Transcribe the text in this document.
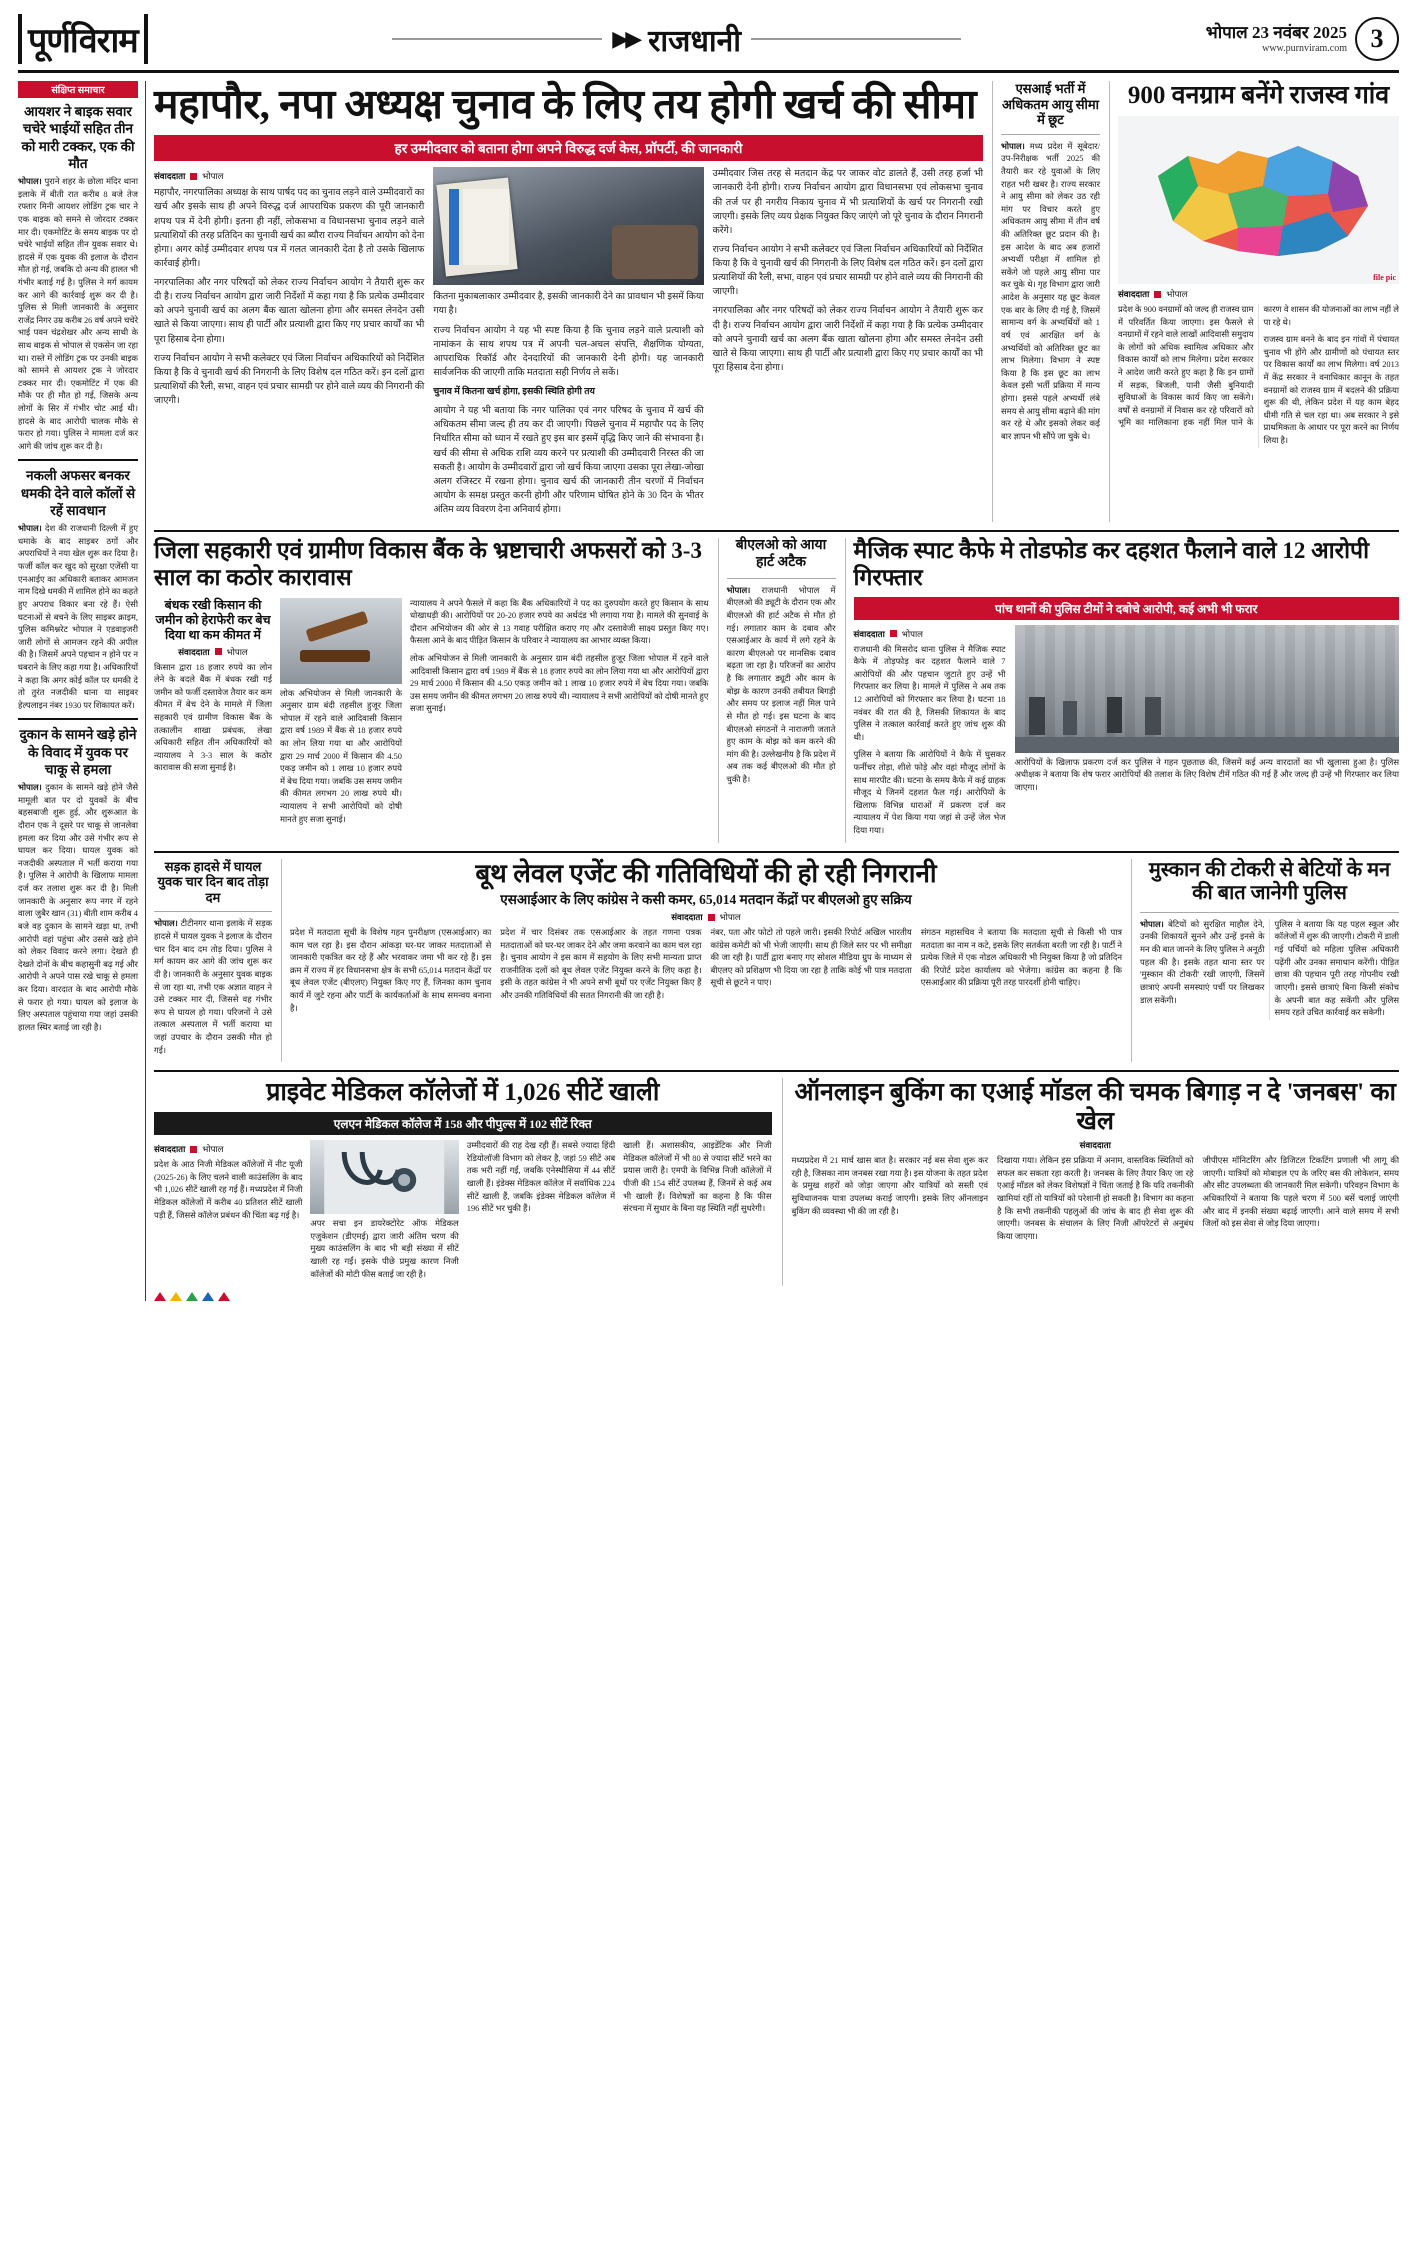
पूर्णविराम	▶▶ राजधानी	भोपाल 23 नवंबर 2025
www.purnviram.com 3
संक्षिप्त समाचार
आयशर ने बाइक सवार चचेरे भाईयों सहित तीन को मारी टक्कर, एक की मौत

भोपाल। पुराने शहर के छोला मंदिर थाना इलाके में बीती रात करीब 8 बजे तेज रफ्तार मिनी आयशर लोडिंग ट्रक चार ने एक बाइक को समने से जोरदार टक्कर मार दी। एकमोटिंट के समय बाइक पर दो चचेरे भाईयों सहित तीन युवक सवार थे। हादसे में एक युवक की इलाज के दौरान मौत हो गई, जबकि दो अन्य की हालत भी गंभीर बताई गई है। पुलिस ने मर्ग कायम कर आगे की कार्रवाई शुरू कर दी है। पुलिस से मिली जानकारी के अनुसार राजेंद्र निगर उम्र करीब 26 वर्ष अपने चचेरे भाई पवन चंद्रशेखर और अन्य साथी के साथ बाइक से भोपाल से एकसेन जा रहा था। रास्ते में लोडिंग ट्रक पर उनकी बाइक को सामने से आयशर ट्रक ने जोरदार टक्कर मार दी। एकमोटिंट में एक की मौके पर ही मौत हो गई, जिसके अन्य लोगों के सिर में गंभीर चोट आई थी। हादसे के बाद आरोपी चालक मौके से फरार हो गया। पुलिस ने मामला दर्ज कर आगे की जांच शुरू कर दी है।

नकली अफसर बनकर धमकी देने वाले कॉलों से रहें सावधान

भोपाल। देश की राजधानी दिल्ली में हुए धमाके के बाद साइबर ठगों और अपराधियों ने नया खेल शुरू कर दिया है। फर्जी कॉल कर खुद को सुरक्षा एजेंसी या एनआईए का अधिकारी बताकर आमजन नाम दिखे धमकी में शामिल होने का कहते हुए अपराध विकार बना रहे हैं। ऐसी घटनाओं से बचने के लिए साइबर क्राइम, पुलिस कमिश्नरेट भोपाल ने एडवाइजरी जारी लोगों से आमजन रहने की अपील की है। जिसमें अपने पहचान न होने पर न घबराने के लिए कहा गया है। अधिकारियों ने कहा कि अगर कोई कॉल पर धमकी दे तो तुरंत नजदीकी थाना या साइबर हेल्पलाइन नंबर 1930 पर शिकायत करें।

दुकान के सामने खड़े होने के विवाद में युवक पर चाकू से हमला

भोपाल। दुकान के सामने खड़े होने जैसे मामूली बात पर दो युवकों के बीच बहसबाजी शुरू हुई, और शुरूआत के दौरान एक ने दूसरे पर चाकू से जानलेवा हमला कर दिया और उसे गंभीर रूप से घायल कर दिया। घायल युवक को नजदीकी अस्पताल में भर्ती कराया गया है। पुलिस ने आरोपी के खिलाफ मामला दर्ज कर तलाश शुरू कर दी है। मिली जानकारी के अनुसार रूप नगर में रहने वाला जुबैर खान (31) बीती शाम करीब 4 बजे वह दुकान के सामने खड़ा था, तभी आरोपी वहां पहुंचा और उससे खड़े होने को लेकर विवाद करने लगा। देखते ही देखते दोनों के बीच कहासुनी बढ़ गई और आरोपी ने अपने पास रखे चाकू से हमला कर दिया। वारदात के बाद आरोपी मौके से फरार हो गया। घायल को इलाज के लिए अस्पताल पहुंचाया गया जहां उसकी हालत स्थिर बताई जा रही है।

महापौर, नपा अध्यक्ष चुनाव के लिए तय होगी खर्च की सीमा
हर उम्मीदवार को बताना होगा अपने विरुद्ध दर्ज केस, प्रॉपर्टी, की जानकारी
संवाददाता भोपाल

महापौर, नगरपालिका अध्यक्ष के साथ पार्षद पद का चुनाव लड़ने वाले उम्मीदवारों का खर्च और इसके साथ ही अपने विरुद्ध दर्ज आपराधिक प्रकरण की पूरी जानकारी शपथ पत्र में देनी होगी। इतना ही नहीं, लोकसभा व विधानसभा चुनाव लड़ने वाले प्रत्याशियों की तरह प्रतिदिन का चुनावी खर्च का ब्यौरा राज्य निर्वाचन आयोग को देना होगा। अगर कोई उम्मीदवार शपथ पत्र में गलत जानकारी देता है तो उसके खिलाफ कार्रवाई होगी।

नगरपालिका और नगर परिषदों को लेकर राज्य निर्वाचन आयोग ने तैयारी शुरू कर दी है। राज्य निर्वाचन आयोग द्वारा जारी निर्देशों में कहा गया है कि प्रत्येक उम्मीदवार को अपने चुनावी खर्च का अलग बैंक खाता खोलना होगा और समस्त लेनदेन उसी खाते से किया जाएगा। साथ ही पार्टी और प्रत्याशी द्वारा किए गए प्रचार कार्यों का भी पूरा हिसाब देना होगा।

राज्य निर्वाचन आयोग ने सभी कलेक्टर एवं जिला निर्वाचन अधिकारियों को निर्देशित किया है कि वे चुनावी खर्च की निगरानी के लिए विशेष दल गठित करें। इन दलों द्वारा प्रत्याशियों की रैली, सभा, वाहन एवं प्रचार सामग्री पर होने वाले व्यय की निगरानी की जाएगी।

कितना मुकाबलाकार उम्मीदवार है, इसकी जानकारी देने का प्रावधान भी इसमें किया गया है।

राज्य निर्वाचन आयोग ने यह भी स्पष्ट किया है कि चुनाव लड़ने वाले प्रत्याशी को नामांकन के साथ शपथ पत्र में अपनी चल-अचल संपत्ति, शैक्षणिक योग्यता, आपराधिक रिकॉर्ड और देनदारियों की जानकारी देनी होगी। यह जानकारी सार्वजनिक की जाएगी ताकि मतदाता सही निर्णय ले सकें।

चुनाव में कितना खर्च होगा, इसकी स्थिति होगी तय

आयोग ने यह भी बताया कि नगर पालिका एवं नगर परिषद के चुनाव में खर्च की अधिकतम सीमा जल्द ही तय कर दी जाएगी। पिछले चुनाव में महापौर पद के लिए निर्धारित सीमा को ध्यान में रखते हुए इस बार इसमें वृद्धि किए जाने की संभावना है। खर्च की सीमा से अधिक राशि व्यय करने पर प्रत्याशी की उम्मीदवारी निरस्त की जा सकती है। आयोग के उम्मीदवारों द्वारा जो खर्च किया जाएगा उसका पूरा लेखा-जोखा अलग रजिस्टर में रखना होगा। चुनाव खर्च की जानकारी तीन चरणों में निर्वाचन आयोग के समक्ष प्रस्तुत करनी होगी और परिणाम घोषित होने के 30 दिन के भीतर अंतिम व्यय विवरण देना अनिवार्य होगा।

उम्मीदवार जिस तरह से मतदान केंद्र पर जाकर वोट डालते हैं, उसी तरह हर्जा भी जानकारी देनी होगी। राज्य निर्वाचन आयोग द्वारा विधानसभा एवं लोकसभा चुनाव की तर्ज पर ही नगरीय निकाय चुनाव में भी प्रत्याशियों के खर्च पर निगरानी रखी जाएगी। इसके लिए व्यय प्रेक्षक नियुक्त किए जाएंगे जो पूरे चुनाव के दौरान निगरानी करेंगे।

राज्य निर्वाचन आयोग ने सभी कलेक्टर एवं जिला निर्वाचन अधिकारियों को निर्देशित किया है कि वे चुनावी खर्च की निगरानी के लिए विशेष दल गठित करें। इन दलों द्वारा प्रत्याशियों की रैली, सभा, वाहन एवं प्रचार सामग्री पर होने वाले व्यय की निगरानी की जाएगी।

नगरपालिका और नगर परिषदों को लेकर राज्य निर्वाचन आयोग ने तैयारी शुरू कर दी है। राज्य निर्वाचन आयोग द्वारा जारी निर्देशों में कहा गया है कि प्रत्येक उम्मीदवार को अपने चुनावी खर्च का अलग बैंक खाता खोलना होगा और समस्त लेनदेन उसी खाते से किया जाएगा। साथ ही पार्टी और प्रत्याशी द्वारा किए गए प्रचार कार्यों का भी पूरा हिसाब देना होगा।

एसआई भर्ती में अधिकतम आयु सीमा में छूट

भोपाल। मध्य प्रदेश में सूबेदार/उप-निरीक्षक भर्ती 2025 की तैयारी कर रहे युवाओं के लिए राहत भरी खबर है। राज्य सरकार ने आयु सीमा को लेकर उठ रही मांग पर विचार करते हुए अधिकतम आयु सीमा में तीन वर्ष की अतिरिक्त छूट प्रदान की है। इस आदेश के बाद अब हजारों अभ्यर्थी परीक्षा में शामिल हो सकेंगे जो पहले आयु सीमा पार कर चुके थे। गृह विभाग द्वारा जारी आदेश के अनुसार यह छूट केवल एक बार के लिए दी गई है, जिसमें सामान्य वर्ग के अभ्यर्थियों को 1 वर्ष एवं आरक्षित वर्ग के अभ्यर्थियों को अतिरिक्त छूट का लाभ मिलेगा। विभाग ने स्पष्ट किया है कि इस छूट का लाभ केवल इसी भर्ती प्रक्रिया में मान्य होगा। इससे पहले अभ्यर्थी लंबे समय से आयु सीमा बढ़ाने की मांग कर रहे थे और इसको लेकर कई बार ज्ञापन भी सौंपे जा चुके थे।

900 वनग्राम बनेंगे राजस्व गांव
file pic
संवाददाता भोपाल

प्रदेश के 900 वनग्रामों को जल्द ही राजस्व ग्राम में परिवर्तित किया जाएगा। इस फैसले से वनग्रामों में रहने वाले लाखों आदिवासी समुदाय के लोगों को अधिक स्वामित्व अधिकार और विकास कार्यों को लाभ मिलेगा। प्रदेश सरकार ने आदेश जारी करते हुए कहा है कि इन ग्रामों में सड़क, बिजली, पानी जैसी बुनियादी सुविधाओं के विकास कार्य किए जा सकेंगे। वर्षों से वनग्रामों में निवास कर रहे परिवारों को भूमि का मालिकाना हक नहीं मिल पाने के कारण वे शासन की योजनाओं का लाभ नहीं ले पा रहे थे।

राजस्व ग्राम बनने के बाद इन गांवों में पंचायत चुनाव भी होंगे और ग्रामीणों को पंचायत स्तर पर विकास कार्यों का लाभ मिलेगा। वर्ष 2013 में केंद्र सरकार ने वनाधिकार कानून के तहत वनग्रामों को राजस्व ग्राम में बदलने की प्रक्रिया शुरू की थी, लेकिन प्रदेश में यह काम बेहद धीमी गति से चल रहा था। अब सरकार ने इसे प्राथमिकता के आधार पर पूरा करने का निर्णय लिया है।

जिला सहकारी एवं ग्रामीण विकास बैंक के भ्रष्टाचारी अफसरों को 3-3 साल का कठोर कारावास
बंधक रखी किसान की जमीन को हेराफेरी कर बेच दिया था कम कीमत में
संवाददाता भोपाल

किसान द्वारा 18 हजार रुपये का लोन लेने के बदले बैंक में बंधक रखी गई जमीन को फर्जी दस्तावेज तैयार कर कम कीमत में बेच देने के मामले में जिला सहकारी एवं ग्रामीण विकास बैंक के तत्कालीन शाखा प्रबंधक, लेखा अधिकारी सहित तीन अधिकारियों को न्यायालय ने 3-3 साल के कठोर कारावास की सजा सुनाई है।

लोक अभियोजन से मिली जानकारी के अनुसार ग्राम बंदी तहसील हुजूर जिला भोपाल में रहने वाले आदिवासी किसान द्वारा वर्ष 1989 में बैंक से 18 हजार रुपये का लोन लिया गया था और आरोपियों द्वारा 29 मार्च 2000 में किसान की 4.50 एकड़ जमीन को 1 लाख 10 हजार रुपये में बेच दिया गया। जबकि उस समय जमीन की कीमत लगभग 20 लाख रुपये थी। न्यायालय ने सभी आरोपियों को दोषी मानते हुए सजा सुनाई।

न्यायालय ने अपने फैसले में कहा कि बैंक अधिकारियों ने पद का दुरुपयोग करते हुए किसान के साथ धोखाधड़ी की। आरोपियों पर 20-20 हजार रुपये का अर्थदंड भी लगाया गया है। मामले की सुनवाई के दौरान अभियोजन की ओर से 13 गवाह परीक्षित कराए गए और दस्तावेजी साक्ष्य प्रस्तुत किए गए। फैसला आने के बाद पीड़ित किसान के परिवार ने न्यायालय का आभार व्यक्त किया।

लोक अभियोजन से मिली जानकारी के अनुसार ग्राम बंदी तहसील हुजूर जिला भोपाल में रहने वाले आदिवासी किसान द्वारा वर्ष 1989 में बैंक से 18 हजार रुपये का लोन लिया गया था और आरोपियों द्वारा 29 मार्च 2000 में किसान की 4.50 एकड़ जमीन को 1 लाख 10 हजार रुपये में बेच दिया गया। जबकि उस समय जमीन की कीमत लगभग 20 लाख रुपये थी। न्यायालय ने सभी आरोपियों को दोषी मानते हुए सजा सुनाई।

बीएलओ को आया हार्ट अटैक

भोपाल। राजधानी भोपाल में बीएलओ की ड्यूटी के दौरान एक और बीएलओ की हार्ट अटैक से मौत हो गई। लगातार काम के दबाव और एसआईआर के कार्य में लगे रहने के कारण बीएलओ पर मानसिक दबाव बढ़ता जा रहा है। परिजनों का आरोप है कि लगातार ड्यूटी और काम के बोझ के कारण उनकी तबीयत बिगड़ी और समय पर इलाज नहीं मिल पाने से मौत हो गई। इस घटना के बाद बीएलओ संगठनों ने नाराजगी जताते हुए काम के बोझ को कम करने की मांग की है। उल्लेखनीय है कि प्रदेश में अब तक कई बीएलओ की मौत हो चुकी है।

मैजिक स्पाट कैफे मे तोडफोड कर दहशत फैलाने वाले 12 आरोपी गिरफ्तार
पांच थानों की पुलिस टीमों ने दबोचे आरोपी, कई अभी भी फरार
संवाददाता भोपाल

राजधानी की मिसरोद थाना पुलिस ने मैजिक स्पाट कैफे में तोड़फोड़ कर दहशत फैलाने वाले 7 आरोपियों की और पहचान जुटाते हुए उन्हें भी गिरफ्तार कर लिया है। मामले में पुलिस ने अब तक 12 आरोपियों को गिरफ्तार कर लिया है। घटना 18 नवंबर की रात की है, जिसकी शिकायत के बाद पुलिस ने तत्काल कार्रवाई करते हुए जांच शुरू की थी।

पुलिस ने बताया कि आरोपियों ने कैफे में घुसकर फर्नीचर तोड़ा, शीशे फोड़े और वहां मौजूद लोगों के साथ मारपीट की। घटना के समय कैफे में कई ग्राहक मौजूद थे जिनमें दहशत फैल गई। आरोपियों के खिलाफ विभिन्न धाराओं में प्रकरण दर्ज कर न्यायालय में पेश किया गया जहां से उन्हें जेल भेज दिया गया।

आरोपियों के खिलाफ प्रकरण दर्ज कर पुलिस ने गहन पूछताछ की, जिसमें कई अन्य वारदातों का भी खुलासा हुआ है। पुलिस अधीक्षक ने बताया कि शेष फरार आरोपियों की तलाश के लिए विशेष टीमें गठित की गई हैं और जल्द ही उन्हें भी गिरफ्तार कर लिया जाएगा।

सड़क हादसे में घायल युवक चार दिन बाद तोड़ा दम

भोपाल। टीटीनगर थाना इलाके में सड़क हादसे में घायल युवक ने इलाज के दौरान चार दिन बाद दम तोड़ दिया। पुलिस ने मर्ग कायम कर आगे की जांच शुरू कर दी है। जानकारी के अनुसार युवक बाइक से जा रहा था, तभी एक अज्ञात वाहन ने उसे टक्कर मार दी, जिससे वह गंभीर रूप से घायल हो गया। परिजनों ने उसे तत्काल अस्पताल में भर्ती कराया था जहां उपचार के दौरान उसकी मौत हो गई।

बूथ लेवल एजेंट की गतिविधियों की हो रही निगरानी
एसआईआर के लिए कांग्रेस ने कसी कमर, 65,014 मतदान केंद्रों पर बीएलओ हुए सक्रिय
संवाददाता भोपाल

प्रदेश में मतदाता सूची के विशेष गहन पुनरीक्षण (एसआईआर) का काम चल रहा है। इस दौरान आंकड़ा घर-घर जाकर मतदाताओं से जानकारी एकत्रित कर रहे हैं और भरवाकर जमा भी कर रहे हैं। इस क्रम में राज्य में हर विधानसभा क्षेत्र के सभी 65,014 मतदान केंद्रों पर बूथ लेवल एजेंट (बीएलए) नियुक्त किए गए हैं, जिनका काम चुनाव कार्य में जुटे रहना और पार्टी के कार्यकर्ताओं के साथ समन्वय बनाना है।

प्रदेश में चार दिसंबर तक एसआईआर के तहत गणना पत्रक मतदाताओं को घर-घर जाकर देने और जमा करवाने का काम चल रहा है। चुनाव आयोग ने इस काम में सहयोग के लिए सभी मान्यता प्राप्त राजनीतिक दलों को बूथ लेवल एजेंट नियुक्त करने के लिए कहा है। इसी के तहत कांग्रेस ने भी अपने सभी बूथों पर एजेंट नियुक्त किए हैं और उनकी गतिविधियों की सतत निगरानी की जा रही है।

नंबर, पता और फोटो तो पहले जारी। इसकी रिपोर्ट अखिल भारतीय कांग्रेस कमेटी को भी भेजी जाएगी। साथ ही जिले स्तर पर भी समीक्षा की जा रही है। पार्टी द्वारा बनाए गए सोशल मीडिया ग्रुप के माध्यम से बीएलए को प्रशिक्षण भी दिया जा रहा है ताकि कोई भी पात्र मतदाता सूची से छूटने न पाए।

संगठन महासचिव ने बताया कि मतदाता सूची से किसी भी पात्र मतदाता का नाम न कटे, इसके लिए सतर्कता बरती जा रही है। पार्टी ने प्रत्येक जिले में एक नोडल अधिकारी भी नियुक्त किया है जो प्रतिदिन की रिपोर्ट प्रदेश कार्यालय को भेजेगा। कांग्रेस का कहना है कि एसआईआर की प्रक्रिया पूरी तरह पारदर्शी होनी चाहिए।

मुस्कान की टोकरी से बेटियों के मन की बात जानेगी पुलिस

भोपाल। बेटियों को सुरक्षित माहौल देने, उनकी शिकायतें सुनने और उन्हें इनसे के मन की बात जानने के लिए पुलिस ने अनूठी पहल की है। इसके तहत थाना स्तर पर 'मुस्कान की टोकरी' रखी जाएगी, जिसमें छात्राएं अपनी समस्याएं पर्ची पर लिखकर डाल सकेंगी।

पुलिस ने बताया कि यह पहल स्कूल और कॉलेजों में शुरू की जाएगी। टोकरी में डाली गई पर्चियों को महिला पुलिस अधिकारी पढ़ेंगी और उनका समाधान करेंगी। पीड़ित छात्रा की पहचान पूरी तरह गोपनीय रखी जाएगी। इससे छात्राएं बिना किसी संकोच के अपनी बात कह सकेंगी और पुलिस समय रहते उचित कार्रवाई कर सकेगी।

प्राइवेट मेडिकल कॉलेजों में 1,026 सीटें खाली
एलएन मेडिकल कॉलेज में 158 और पीपुल्स में 102 सीटें रिक्त
संवाददाता भोपाल

प्रदेश के आठ निजी मेडिकल कॉलेजों में नीट यूजी (2025-26) के लिए चलने वाली काउंसलिंग के बाद भी 1,026 सीटें खाली रह गई हैं। मध्यप्रदेश में निजी मेडिकल कॉलेजों में करीब 40 प्रतिशत सीटें खाली पड़ी हैं, जिससे कॉलेज प्रबंधन की चिंता बढ़ गई है।

अपर सचा इन डायरेक्टोरेट ऑफ मेडिकल एजुकेशन (डीएमई) द्वारा जारी अंतिम चरण की मुख्य काउंसलिंग के बाद भी बड़ी संख्या में सीटें खाली रह गईं। इसके पीछे प्रमुख कारण निजी कॉलेजों की मोटी फीस बताई जा रही है।

उम्मीदवारों की राह देख रही हैं। सबसे ज्यादा हिंदी रेडियोलॉजी विभाग को लेकर है, जहां 59 सीटें अब तक भरी नहीं गईं, जबकि एनेस्थीसिया में 44 सीटें खाली हैं। इंडेक्स मेडिकल कॉलेज में सर्वाधिक 224 सीटें खाली हैं, जबकि इंडेक्स मेडिकल कॉलेज में 196 सीटें भर चुकी हैं।

खाली हैं। अशासकीय, आइडेंटिक और निजी मेडिकल कॉलेजों में भी 80 से ज्यादा सीटें भरने का प्रयास जारी है। एमपी के विभिन्न निजी कॉलेजों में पीजी की 154 सीटें उपलब्ध हैं, जिनमें से कई अब भी खाली हैं। विशेषज्ञों का कहना है कि फीस संरचना में सुधार के बिना यह स्थिति नहीं सुधरेगी।

ऑनलाइन बुकिंग का एआई मॉडल की चमक बिगाड़ न दे 'जनबस' का खेल
संवाददाता

मध्यप्रदेश में 21 मार्च खास बात है। सरकार नई बस सेवा शुरू कर रही है, जिसका नाम जनबस रखा गया है। इस योजना के तहत प्रदेश के प्रमुख शहरों को जोड़ा जाएगा और यात्रियों को सस्ती एवं सुविधाजनक यात्रा उपलब्ध कराई जाएगी। इसके लिए ऑनलाइन बुकिंग की व्यवस्था भी की जा रही है।

दिखाया गया। लेकिन इस प्रक्रिया में अनाम, वास्तविक स्थितियों को सफल कर सकता रहा करती है। जनबस के लिए तैयार किए जा रहे एआई मॉडल को लेकर विशेषज्ञों ने चिंता जताई है कि यदि तकनीकी खामियां रहीं तो यात्रियों को परेशानी हो सकती है। विभाग का कहना है कि सभी तकनीकी पहलुओं की जांच के बाद ही सेवा शुरू की जाएगी। जनबस के संचालन के लिए निजी ऑपरेटरों से अनुबंध किया जाएगा।

जीपीएस मॉनिटरिंग और डिजिटल टिकटिंग प्रणाली भी लागू की जाएगी। यात्रियों को मोबाइल एप के जरिए बस की लोकेशन, समय और सीट उपलब्धता की जानकारी मिल सकेगी। परिवहन विभाग के अधिकारियों ने बताया कि पहले चरण में 500 बसें चलाई जाएंगी और बाद में इनकी संख्या बढ़ाई जाएगी। आने वाले समय में सभी जिलों को इस सेवा से जोड़ दिया जाएगा।
